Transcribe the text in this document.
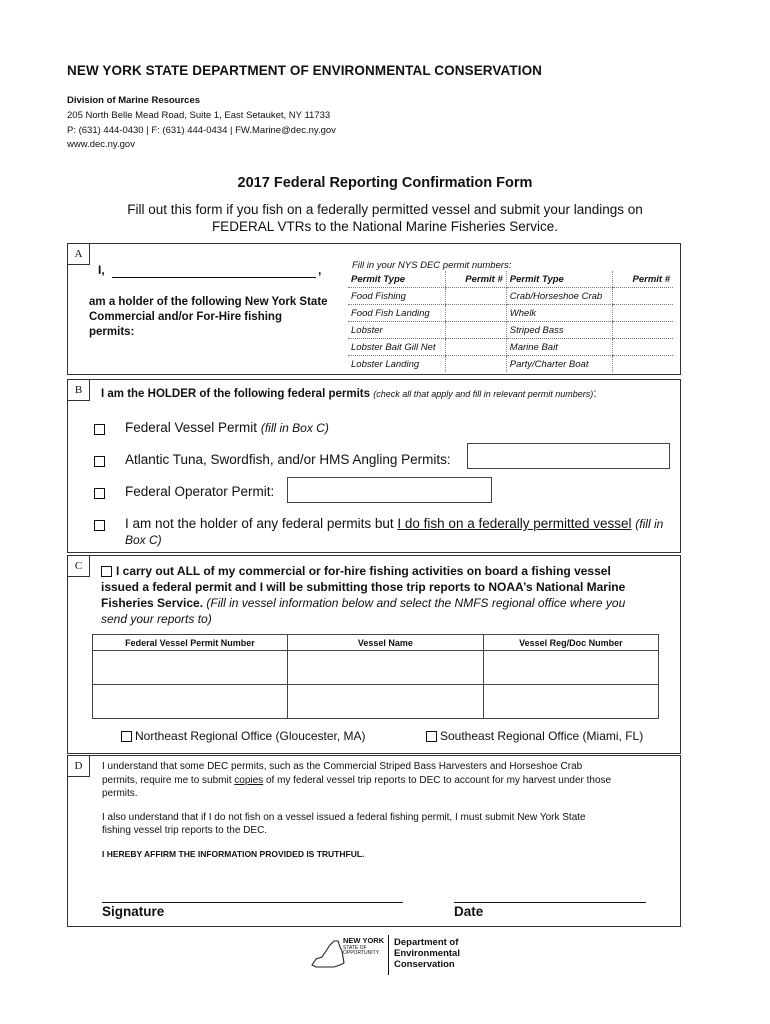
NEW YORK STATE DEPARTMENT OF ENVIRONMENTAL CONSERVATION
Division of Marine Resources
205 North Belle Mead Road, Suite 1, East Setauket, NY 11733
P: (631) 444-0430 | F: (631) 444-0434 | FW.Marine@dec.ny.gov
www.dec.ny.gov
2017 Federal Reporting Confirmation Form
Fill out this form if you fish on a federally permitted vessel and submit your landings on
FEDERAL VTRs to the National Marine Fisheries Service.
A
I,	,
am a holder of the following New York State Commercial and/or For-Hire fishing permits:
Fill in your NYS DEC permit numbers:
Permit Type	Permit #	Permit Type	Permit #
Food Fishing		Crab/Horseshoe Crab	
Food Fish Landing		Whelk	
Lobster		Striped Bass	
Lobster Bait Gill Net		Marine Bait	
Lobster Landing		Party/Charter Boat	
B	I am the HOLDER of the following federal permits (check all that apply and fill in relevant permit numbers):
Federal Vessel Permit (fill in Box C)
Atlantic Tuna, Swordfish, and/or HMS Angling Permits:
Federal Operator Permit:
I am not the holder of any federal permits but I do fish on a federally permitted vessel (fill in
Box C)
C	I carry out ALL of my commercial or for-hire fishing activities on board a fishing vessel
issued a federal permit and I will be submitting those trip reports to NOAA’s National Marine
Fisheries Service. (Fill in vessel information below and select the NMFS regional office where you
send your reports to)
Federal Vessel Permit Number	Vessel Name	Vessel Reg/Doc Number

Northeast Regional Office (Gloucester, MA)	Southeast Regional Office (Miami, FL)
D	I understand that some DEC permits, such as the Commercial Striped Bass Harvesters and Horseshoe Crab
permits, require me to submit copies of my federal vessel trip reports to DEC to account for my harvest under those
permits.
I also understand that if I do not fish on a vessel issued a federal fishing permit, I must submit New York State
fishing vessel trip reports to the DEC.
I HEREBY AFFIRM THE INFORMATION PROVIDED IS TRUTHFUL.
Signature	Date
NEW YORK
STATE OF
OPPORTUNITY.
Department of
Environmental
Conservation
